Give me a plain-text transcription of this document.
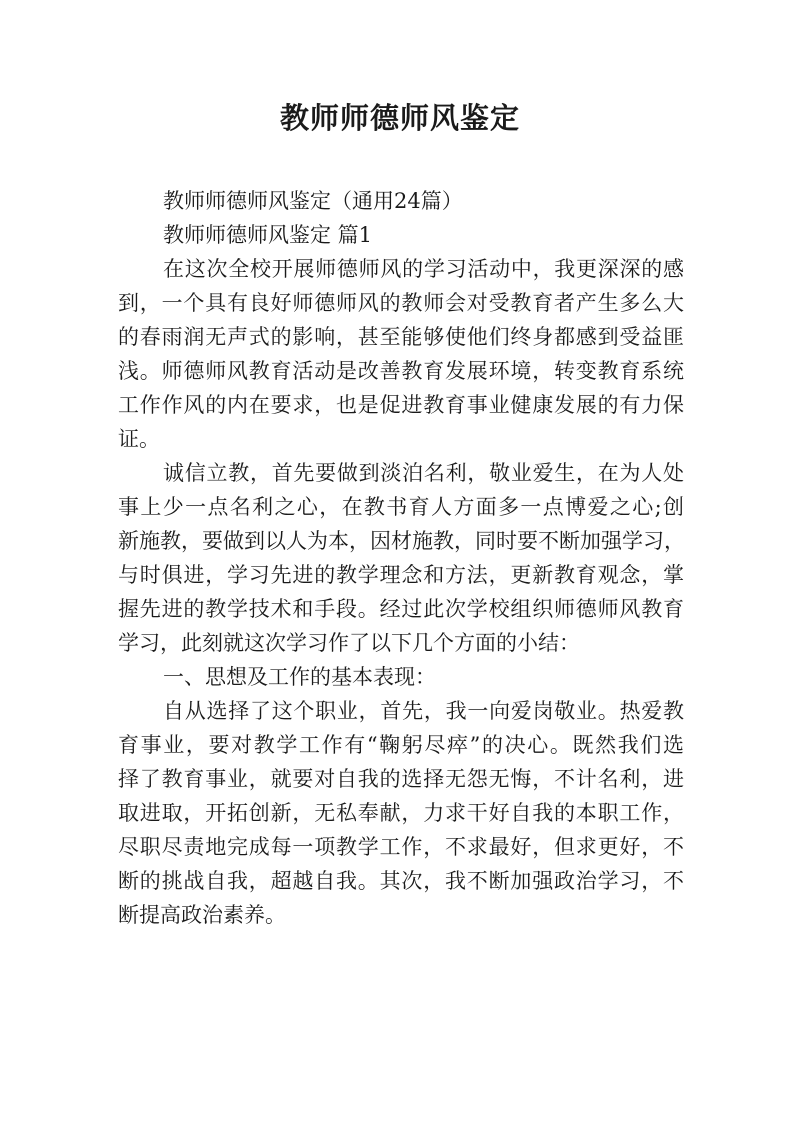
教师师德师风鉴定

教师师德师风鉴定（通用24篇）

教师师德师风鉴定 篇1

在这次全校开展师德师风的学习活动中，我更深深的感

到，一个具有良好师德师风的教师会对受教育者产生多么大

的春雨润无声式的影响，甚至能够使他们终身都感到受益匪

浅。师德师风教育活动是改善教育发展环境，转变教育系统

工作作风的内在要求，也是促进教育事业健康发展的有力保

证。

诚信立教，首先要做到淡泊名利，敬业爱生，在为人处

事上少一点名利之心，在教书育人方面多一点博爱之心;创

新施教，要做到以人为本，因材施教，同时要不断加强学习，

与时俱进，学习先进的教学理念和方法，更新教育观念，掌

握先进的教学技术和手段。经过此次学校组织师德师风教育

学习，此刻就这次学习作了以下几个方面的小结：

一、思想及工作的基本表现：

自从选择了这个职业，首先，我一向爱岗敬业。热爱教

育事业，要对教学工作有“鞠躬尽瘁”的决心。既然我们选

择了教育事业，就要对自我的选择无怨无悔，不计名利，进

取进取，开拓创新，无私奉献，力求干好自我的本职工作，

尽职尽责地完成每一项教学工作，不求最好，但求更好，不

断的挑战自我，超越自我。其次，我不断加强政治学习，不

断提高政治素养。
